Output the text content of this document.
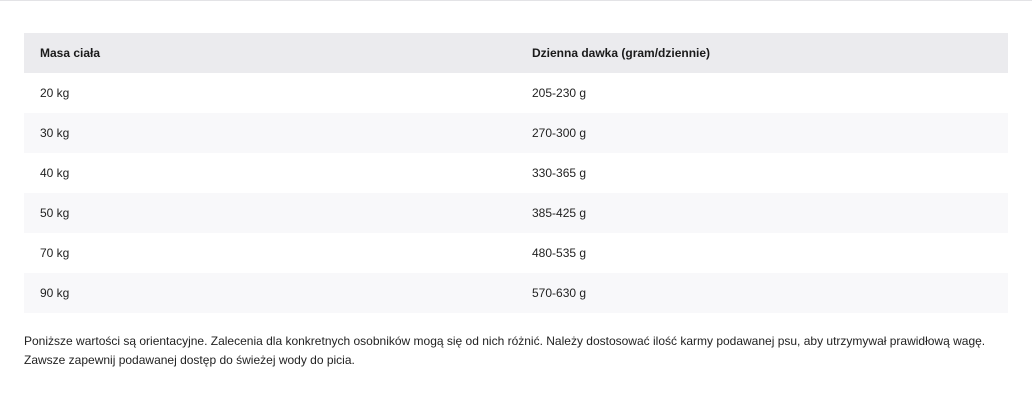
Masa ciała	Dzienna dawka (gram/dziennie)
20 kg	205-230 g
30 kg	270-300 g
40 kg	330-365 g
50 kg	385-425 g
70 kg	480-535 g
90 kg	570-630 g

Poniższe wartości są orientacyjne. Zalecenia dla konkretnych osobników mogą się od nich różnić. Należy dostosować ilość karmy podawanej psu, aby utrzymywał prawidłową wagę.

Zawsze zapewnij podawanej dostęp do świeżej wody do picia.
